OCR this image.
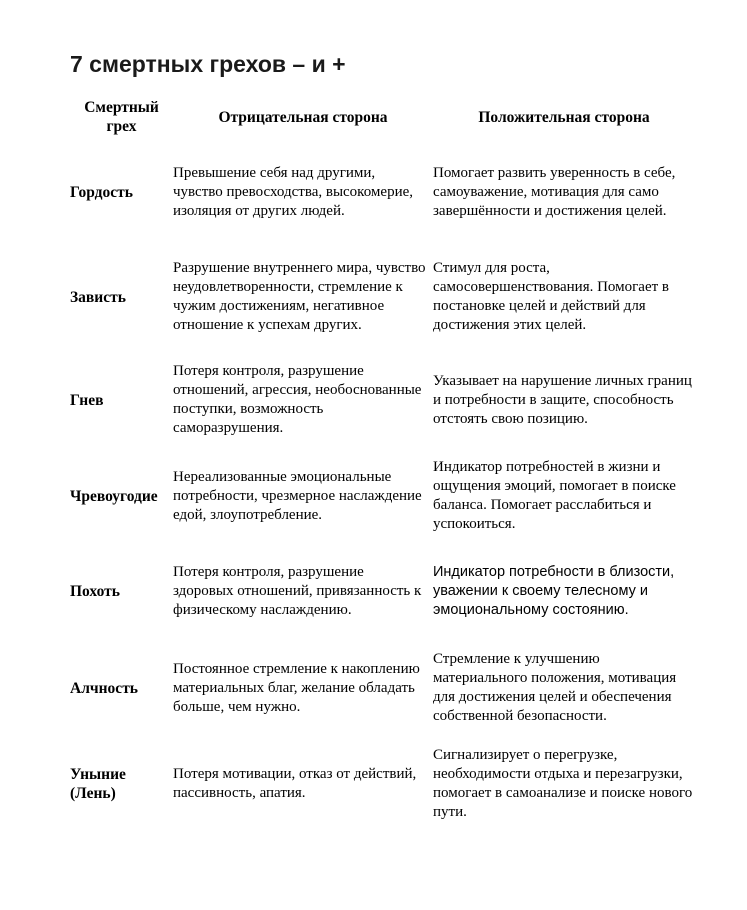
7 смертных грехов – и +
Смертный грех	Отрицательная сторона	Положительная сторона
Гордость	Превышение себя над другими, чувство превосходства, высокомерие, изоляция от других людей.	Помогает развить уверенность в себе, самоуважение, мотивация для само завершённости и достижения целей.
Зависть	Разрушение внутреннего мира, чувство неудовлетворенности, стремление к чужим достижениям, негативное отношение к успехам других.	Стимул для роста, самосовершенствования. Помогает в постановке целей и действий для достижения этих целей.
Гнев	Потеря контроля, разрушение отношений, агрессия, необоснованные поступки, возможность саморазрушения.	Указывает на нарушение личных границ и потребности в защите, способность отстоять свою позицию.
Чревоугодие	Нереализованные эмоциональные потребности, чрезмерное наслаждение едой, злоупотребление.	Индикатор потребностей в жизни и ощущения эмоций, помогает в поиске баланса. Помогает расслабиться и успокоиться.
Похоть	Потеря контроля, разрушение здоровых отношений, привязанность к физическому наслаждению.	Индикатор потребности в близости, уважении к своему телесному и эмоциональному состоянию.
Алчность	Постоянное стремление к накоплению материальных благ, желание обладать больше, чем нужно.	Стремление к улучшению материального положения, мотивация для достижения целей и обеспечения собственной безопасности.
Уныние (Лень)	Потеря мотивации, отказ от действий, пассивность, апатия.	Сигнализирует о перегрузке, необходимости отдыха и перезагрузки, помогает в самоанализе и поиске нового пути.
